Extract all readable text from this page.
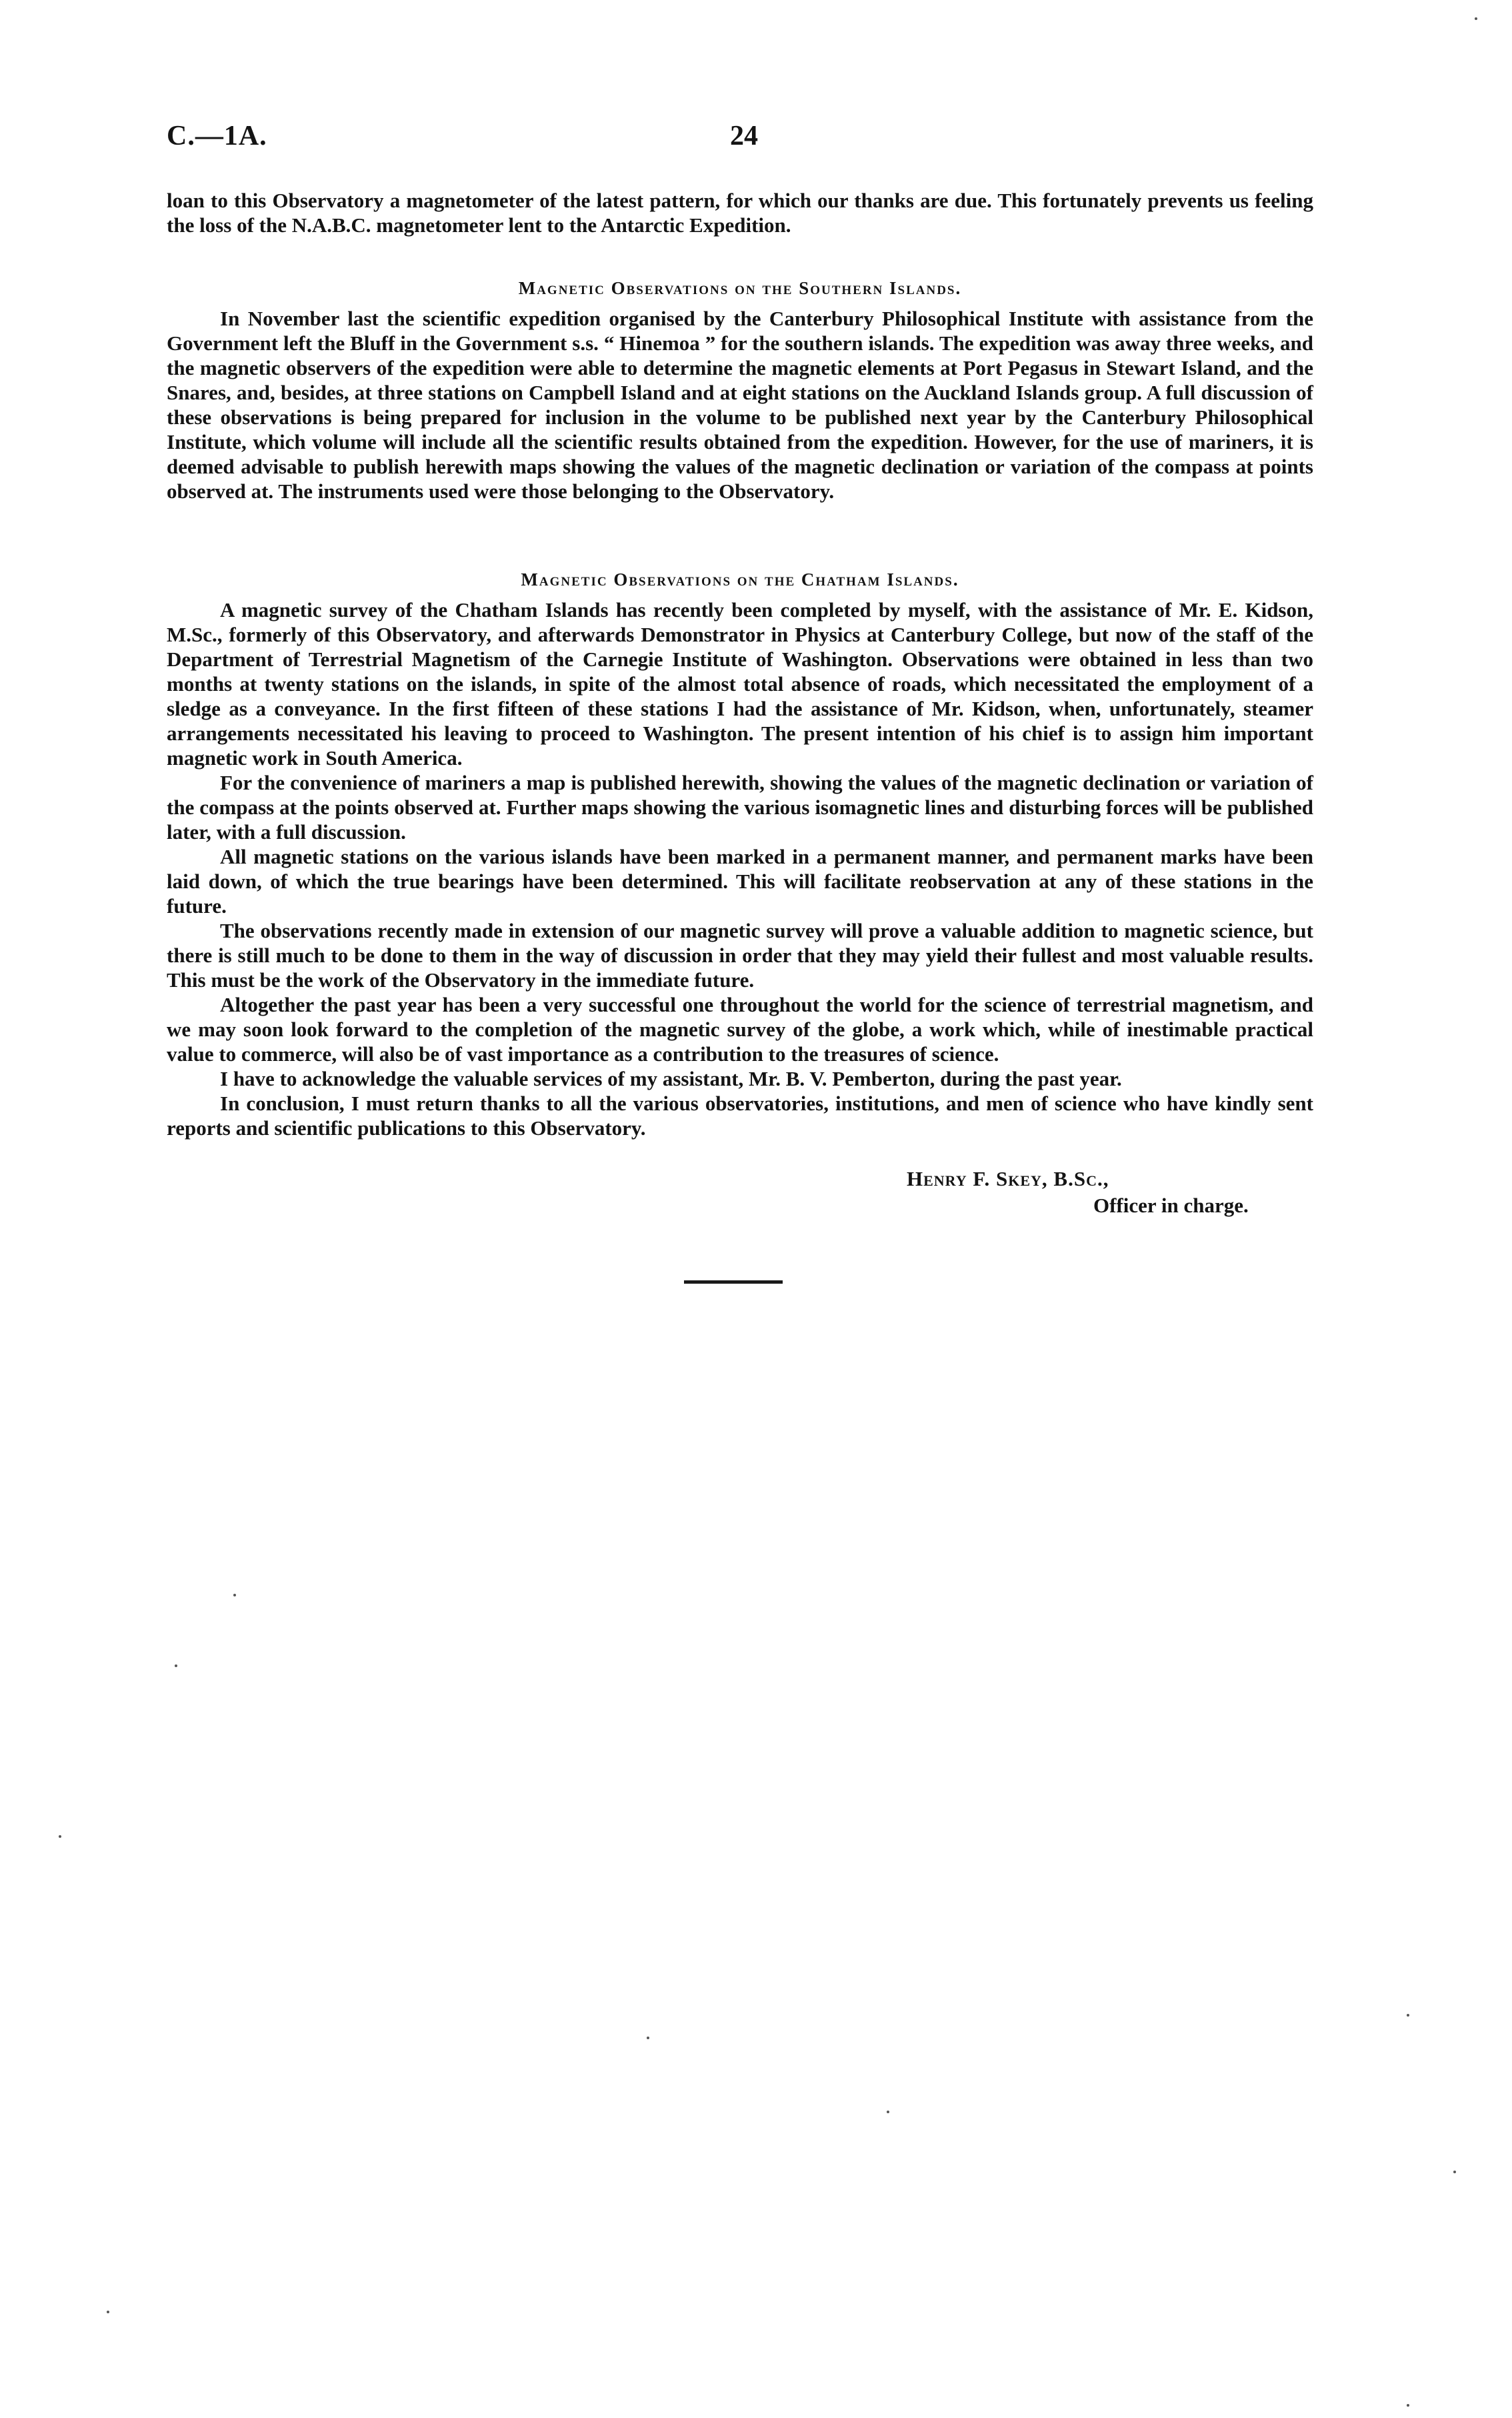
C.—1A.	24

loan to this Observatory a magnetometer of the latest pattern, for which our thanks are due. This fortunately prevents us feeling the loss of the N.A.B.C. magnetometer lent to the Antarctic Expedition.

Magnetic Observations on the Southern Islands.

In November last the scientific expedition organised by the Canterbury Philosophical Institute with assistance from the Government left the Bluff in the Government s.s. “ Hinemoa ” for the southern islands. The expedition was away three weeks, and the magnetic observers of the expedition were able to determine the magnetic elements at Port Pegasus in Stewart Island, and the Snares, and, besides, at three stations on Campbell Island and at eight stations on the Auckland Islands group. A full discussion of these observations is being prepared for inclusion in the volume to be published next year by the Canterbury Philosophical Institute, which volume will include all the scientific results obtained from the expedition. However, for the use of mariners, it is deemed advisable to publish herewith maps showing the values of the magnetic declination or variation of the compass at points observed at. The instruments used were those belonging to the Observatory.

Magnetic Observations on the Chatham Islands.

A magnetic survey of the Chatham Islands has recently been completed by myself, with the assistance of Mr. E. Kidson, M.Sc., formerly of this Observatory, and afterwards Demonstrator in Physics at Canterbury College, but now of the staff of the Department of Terrestrial Magnetism of the Carnegie Institute of Washington. Observations were obtained in less than two months at twenty stations on the islands, in spite of the almost total absence of roads, which necessitated the employment of a sledge as a conveyance. In the first fifteen of these stations I had the assistance of Mr. Kidson, when, unfortunately, steamer arrangements necessitated his leaving to proceed to Washington. The present intention of his chief is to assign him important magnetic work in South America.

For the convenience of mariners a map is published herewith, showing the values of the magnetic declination or variation of the compass at the points observed at. Further maps showing the various isomagnetic lines and disturbing forces will be published later, with a full discussion.

All magnetic stations on the various islands have been marked in a permanent manner, and permanent marks have been laid down, of which the true bearings have been determined. This will facilitate reobservation at any of these stations in the future.

The observations recently made in extension of our magnetic survey will prove a valuable addition to magnetic science, but there is still much to be done to them in the way of discussion in order that they may yield their fullest and most valuable results. This must be the work of the Observatory in the immediate future.

Altogether the past year has been a very successful one throughout the world for the science of terrestrial magnetism, and we may soon look forward to the completion of the magnetic survey of the globe, a work which, while of inestimable practical value to commerce, will also be of vast importance as a contribution to the treasures of science.

I have to acknowledge the valuable services of my assistant, Mr. B. V. Pemberton, during the past year.

In conclusion, I must return thanks to all the various observatories, institutions, and men of science who have kindly sent reports and scientific publications to this Observatory.

Henry F. Skey, B.Sc.,
Officer in charge.
